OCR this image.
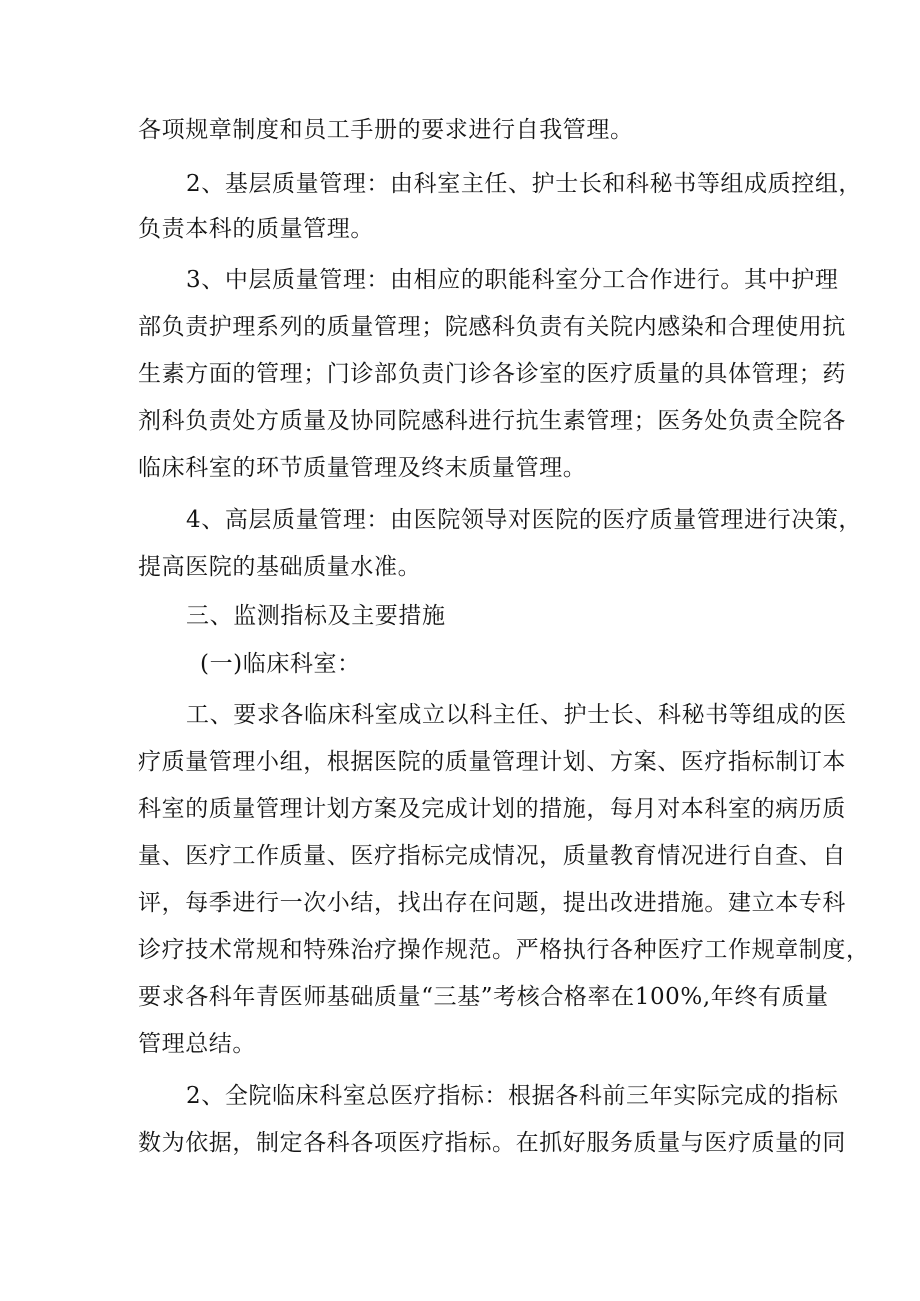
各项规章制度和员工手册的要求进行自我管理。
2、基层质量管理：由科室主任、护士长和科秘书等组成质控组，
负责本科的质量管理。
3、中层质量管理：由相应的职能科室分工合作进行。其中护理
部负责护理系列的质量管理；院感科负责有关院内感染和合理使用抗
生素方面的管理；门诊部负责门诊各诊室的医疗质量的具体管理；药
剂科负责处方质量及协同院感科进行抗生素管理；医务处负责全院各
临床科室的环节质量管理及终末质量管理。
4、高层质量管理：由医院领导对医院的医疗质量管理进行决策，
提高医院的基础质量水准。
三、监测指标及主要措施
(一)临床科室：
工、要求各临床科室成立以科主任、护士长、科秘书等组成的医
疗质量管理小组，根据医院的质量管理计划、方案、医疗指标制订本
科室的质量管理计划方案及完成计划的措施，每月对本科室的病历质
量、医疗工作质量、医疗指标完成情况，质量教育情况进行自查、自
评，每季进行一次小结，找出存在问题，提出改进措施。建立本专科
诊疗技术常规和特殊治疗操作规范。严格执行各种医疗工作规章制度，
要求各科年青医师基础质量“三基”考核合格率在100%,年终有质量
管理总结。
2、全院临床科室总医疗指标：根据各科前三年实际完成的指标
数为依据，制定各科各项医疗指标。在抓好服务质量与医疗质量的同
